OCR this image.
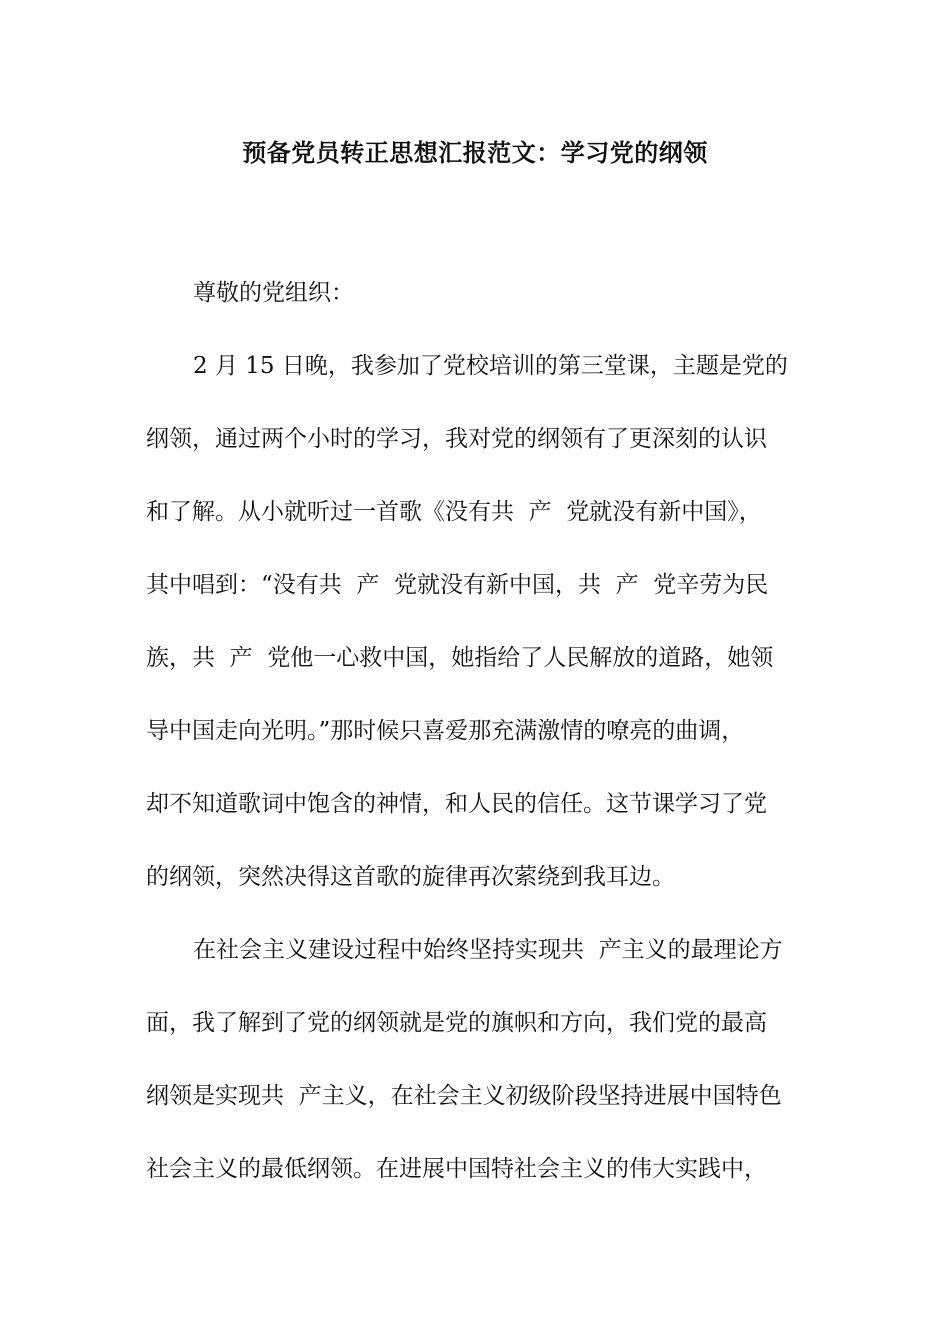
预备党员转正思想汇报范文：学习党的纲领
尊敬的党组织：
2 月 15 日晚，我参加了党校培训的第三堂课，主题是党的
纲领，通过两个小时的学习，我对党的纲领有了更深刻的认识
和了解。从小就听过一首歌《没有共  产  党就没有新中国》，
其中唱到：“没有共  产  党就没有新中国，共  产  党辛劳为民
族，共  产  党他一心救中国，她指给了人民解放的道路，她领
导中国走向光明。”那时候只喜爱那充满激情的嘹亮的曲调，
却不知道歌词中饱含的神情，和人民的信任。这节课学习了党
的纲领，突然决得这首歌的旋律再次萦绕到我耳边。
在社会主义建设过程中始终坚持实现共  产主义的最理论方
面，我了解到了党的纲领就是党的旗帜和方向，我们党的最高
纲领是实现共  产主义，在社会主义初级阶段坚持进展中国特色
社会主义的最低纲领。在进展中国特社会主义的伟大实践中，
